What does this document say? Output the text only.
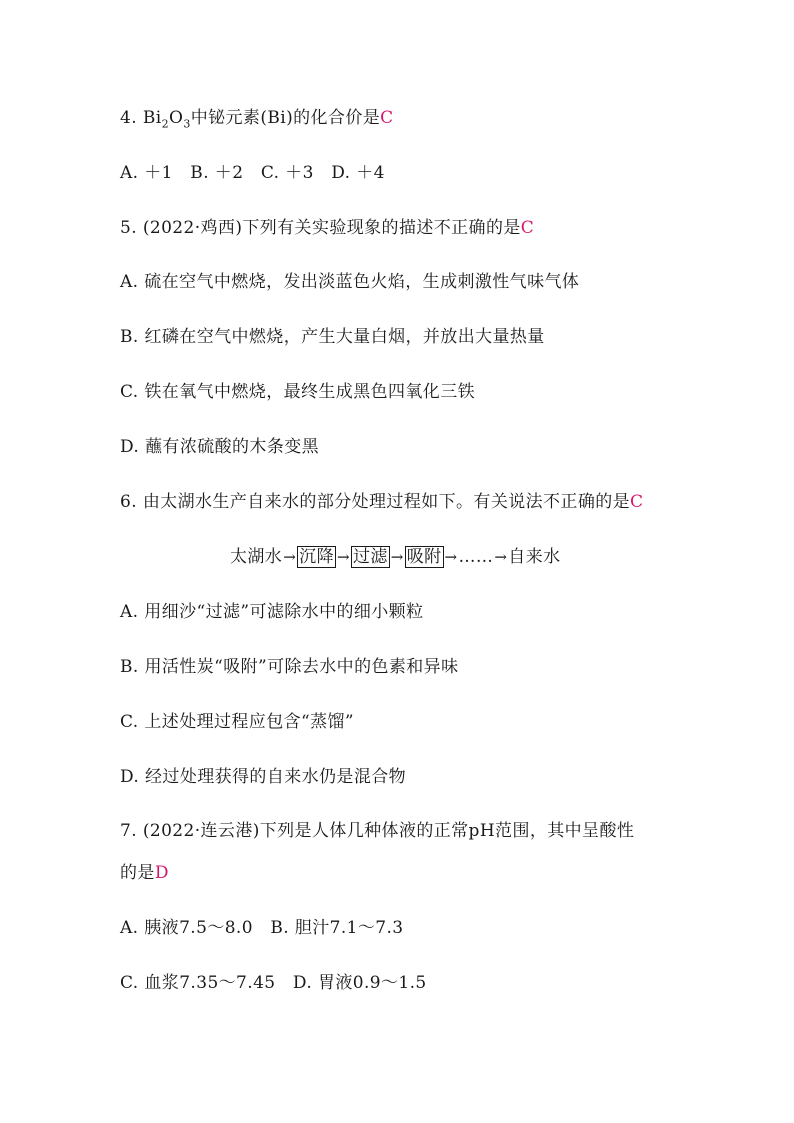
4. $Bi_2O_3$中铋元素(Bi)的化合价是C
A. ＋1　B. ＋2　C. ＋3　D. ＋4
5. (2022·鸡西)下列有关实验现象的描述不正确的是C
A. 硫在空气中燃烧，发出淡蓝色火焰，生成刺激性气味气体
B. 红磷在空气中燃烧，产生大量白烟，并放出大量热量
C. 铁在氧气中燃烧，最终生成黑色四氧化三铁
D. 蘸有浓硫酸的木条变黑
6. 由太湖水生产自来水的部分处理过程如下。有关说法不正确的是C
太湖水→ 沉降 → 过滤 → 吸附 →……→自来水
A. 用细沙“过滤”可滤除水中的细小颗粒
B. 用活性炭“吸附”可除去水中的色素和异味
C. 上述处理过程应包含“蒸馏”
D. 经过处理获得的自来水仍是混合物
7. (2022·连云港)下列是人体几种体液的正常pH范围，其中呈酸性
的是D
A. 胰液7.5～8.0　B. 胆汁7.1～7.3
C. 血浆7.35～7.45　D. 胃液0.9～1.5
